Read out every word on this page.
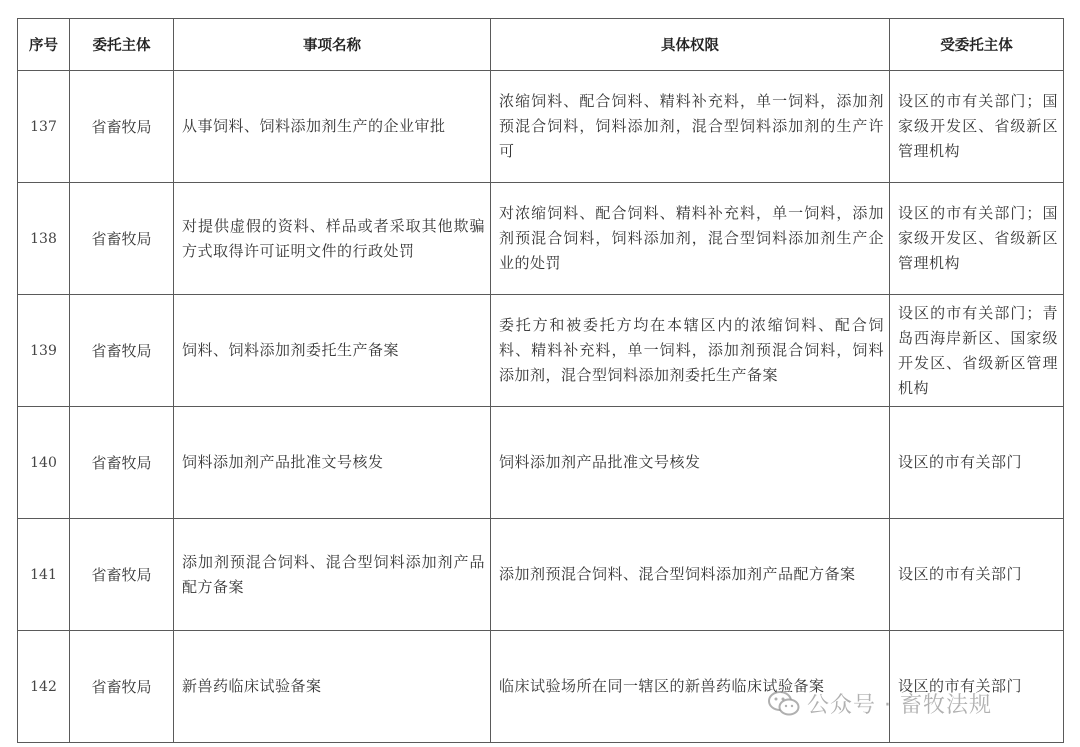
序号	委托主体	事项名称	具体权限	受委托主体
137	省畜牧局	从事饲料、饲料添加剂生产的企业审批	浓缩饲料、配合饲料、精料补充料，单一饲料，添加剂预混合饲料，饲料添加剂，混合型饲料添加剂的生产许可	设区的市有关部门；国家级开发区、省级新区管理机构
138	省畜牧局	对提供虚假的资料、样品或者采取其他欺骗方式取得许可证明文件的行政处罚	对浓缩饲料、配合饲料、精料补充料，单一饲料，添加剂预混合饲料，饲料添加剂，混合型饲料添加剂生产企业的处罚	设区的市有关部门；国家级开发区、省级新区管理机构
139	省畜牧局	饲料、饲料添加剂委托生产备案	委托方和被委托方均在本辖区内的浓缩饲料、配合饲料、精料补充料，单一饲料，添加剂预混合饲料，饲料添加剂，混合型饲料添加剂委托生产备案	设区的市有关部门；青岛西海岸新区、国家级开发区、省级新区管理机构
140	省畜牧局	饲料添加剂产品批准文号核发	饲料添加剂产品批准文号核发	设区的市有关部门
141	省畜牧局	添加剂预混合饲料、混合型饲料添加剂产品配方备案	添加剂预混合饲料、混合型饲料添加剂产品配方备案	设区的市有关部门
142	省畜牧局	新兽药临床试验备案	临床试验场所在同一辖区的新兽药临床试验备案	设区的市有关部门
公众号 · 畜牧法规
